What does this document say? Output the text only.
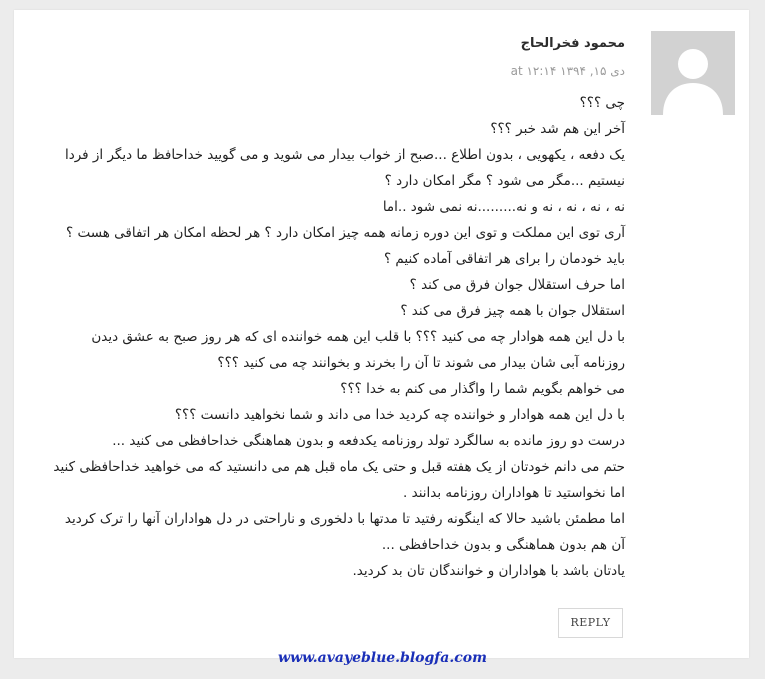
محمود فخرالحاج
دی ۱۵, ۱۳۹۴ at ۱۲:۱۴

چی ؟؟؟

آخر این هم شد خبر ؟؟؟

یک دفعه ، یکهویی ، بدون اطلاع ...صبح از خواب بیدار می شوید و می گویید خداحافظ ما دیگر از فردا نیستیم ...مگر می شود ؟ مگر امکان دارد ؟

نه ، نه ، نه ، نه و نه.........نه نمی شود ..اما

آری توی این مملکت و توی این دوره زمانه همه چیز امکان دارد ؟ هر لحظه امکان هر اتفاقی هست ؟ باید خودمان را برای هر اتفاقی آماده کنیم ؟

اما حرف استقلال جوان فرق می کند ؟

استقلال جوان با همه چیز فرق می کند ؟

با دل این همه هوادار چه می کنید ؟؟؟ با قلب این همه خواننده ای که هر روز صبح به عشق دیدن روزنامه آبی شان بیدار می شوند تا آن را بخرند و بخوانند چه می کنید ؟؟؟

می خواهم بگویم شما را واگذار می کنم به خدا ؟؟؟

با دل این همه هوادار و خواننده چه کردید خدا می داند و شما نخواهید دانست ؟؟؟

درست دو روز مانده به سالگرد تولد روزنامه یکدفعه و بدون هماهنگی خداحافظی می کنید ...

حتم می دانم خودتان از یک هفته قبل و حتی یک ماه قبل هم می دانستید که می خواهید خداحافظی کنید اما نخواستید تا هواداران روزنامه بدانند .

اما مطمئن باشید حالا که اینگونه رفتید تا مدتها با دلخوری و ناراحتی در دل هواداران آنها را ترک کردید آن هم بدون هماهنگی و بدون خداحافظی ...

یادتان باشد با هواداران و خوانندگان تان بد کردید.

REPLY
www.avayeblue.blogfa.com
